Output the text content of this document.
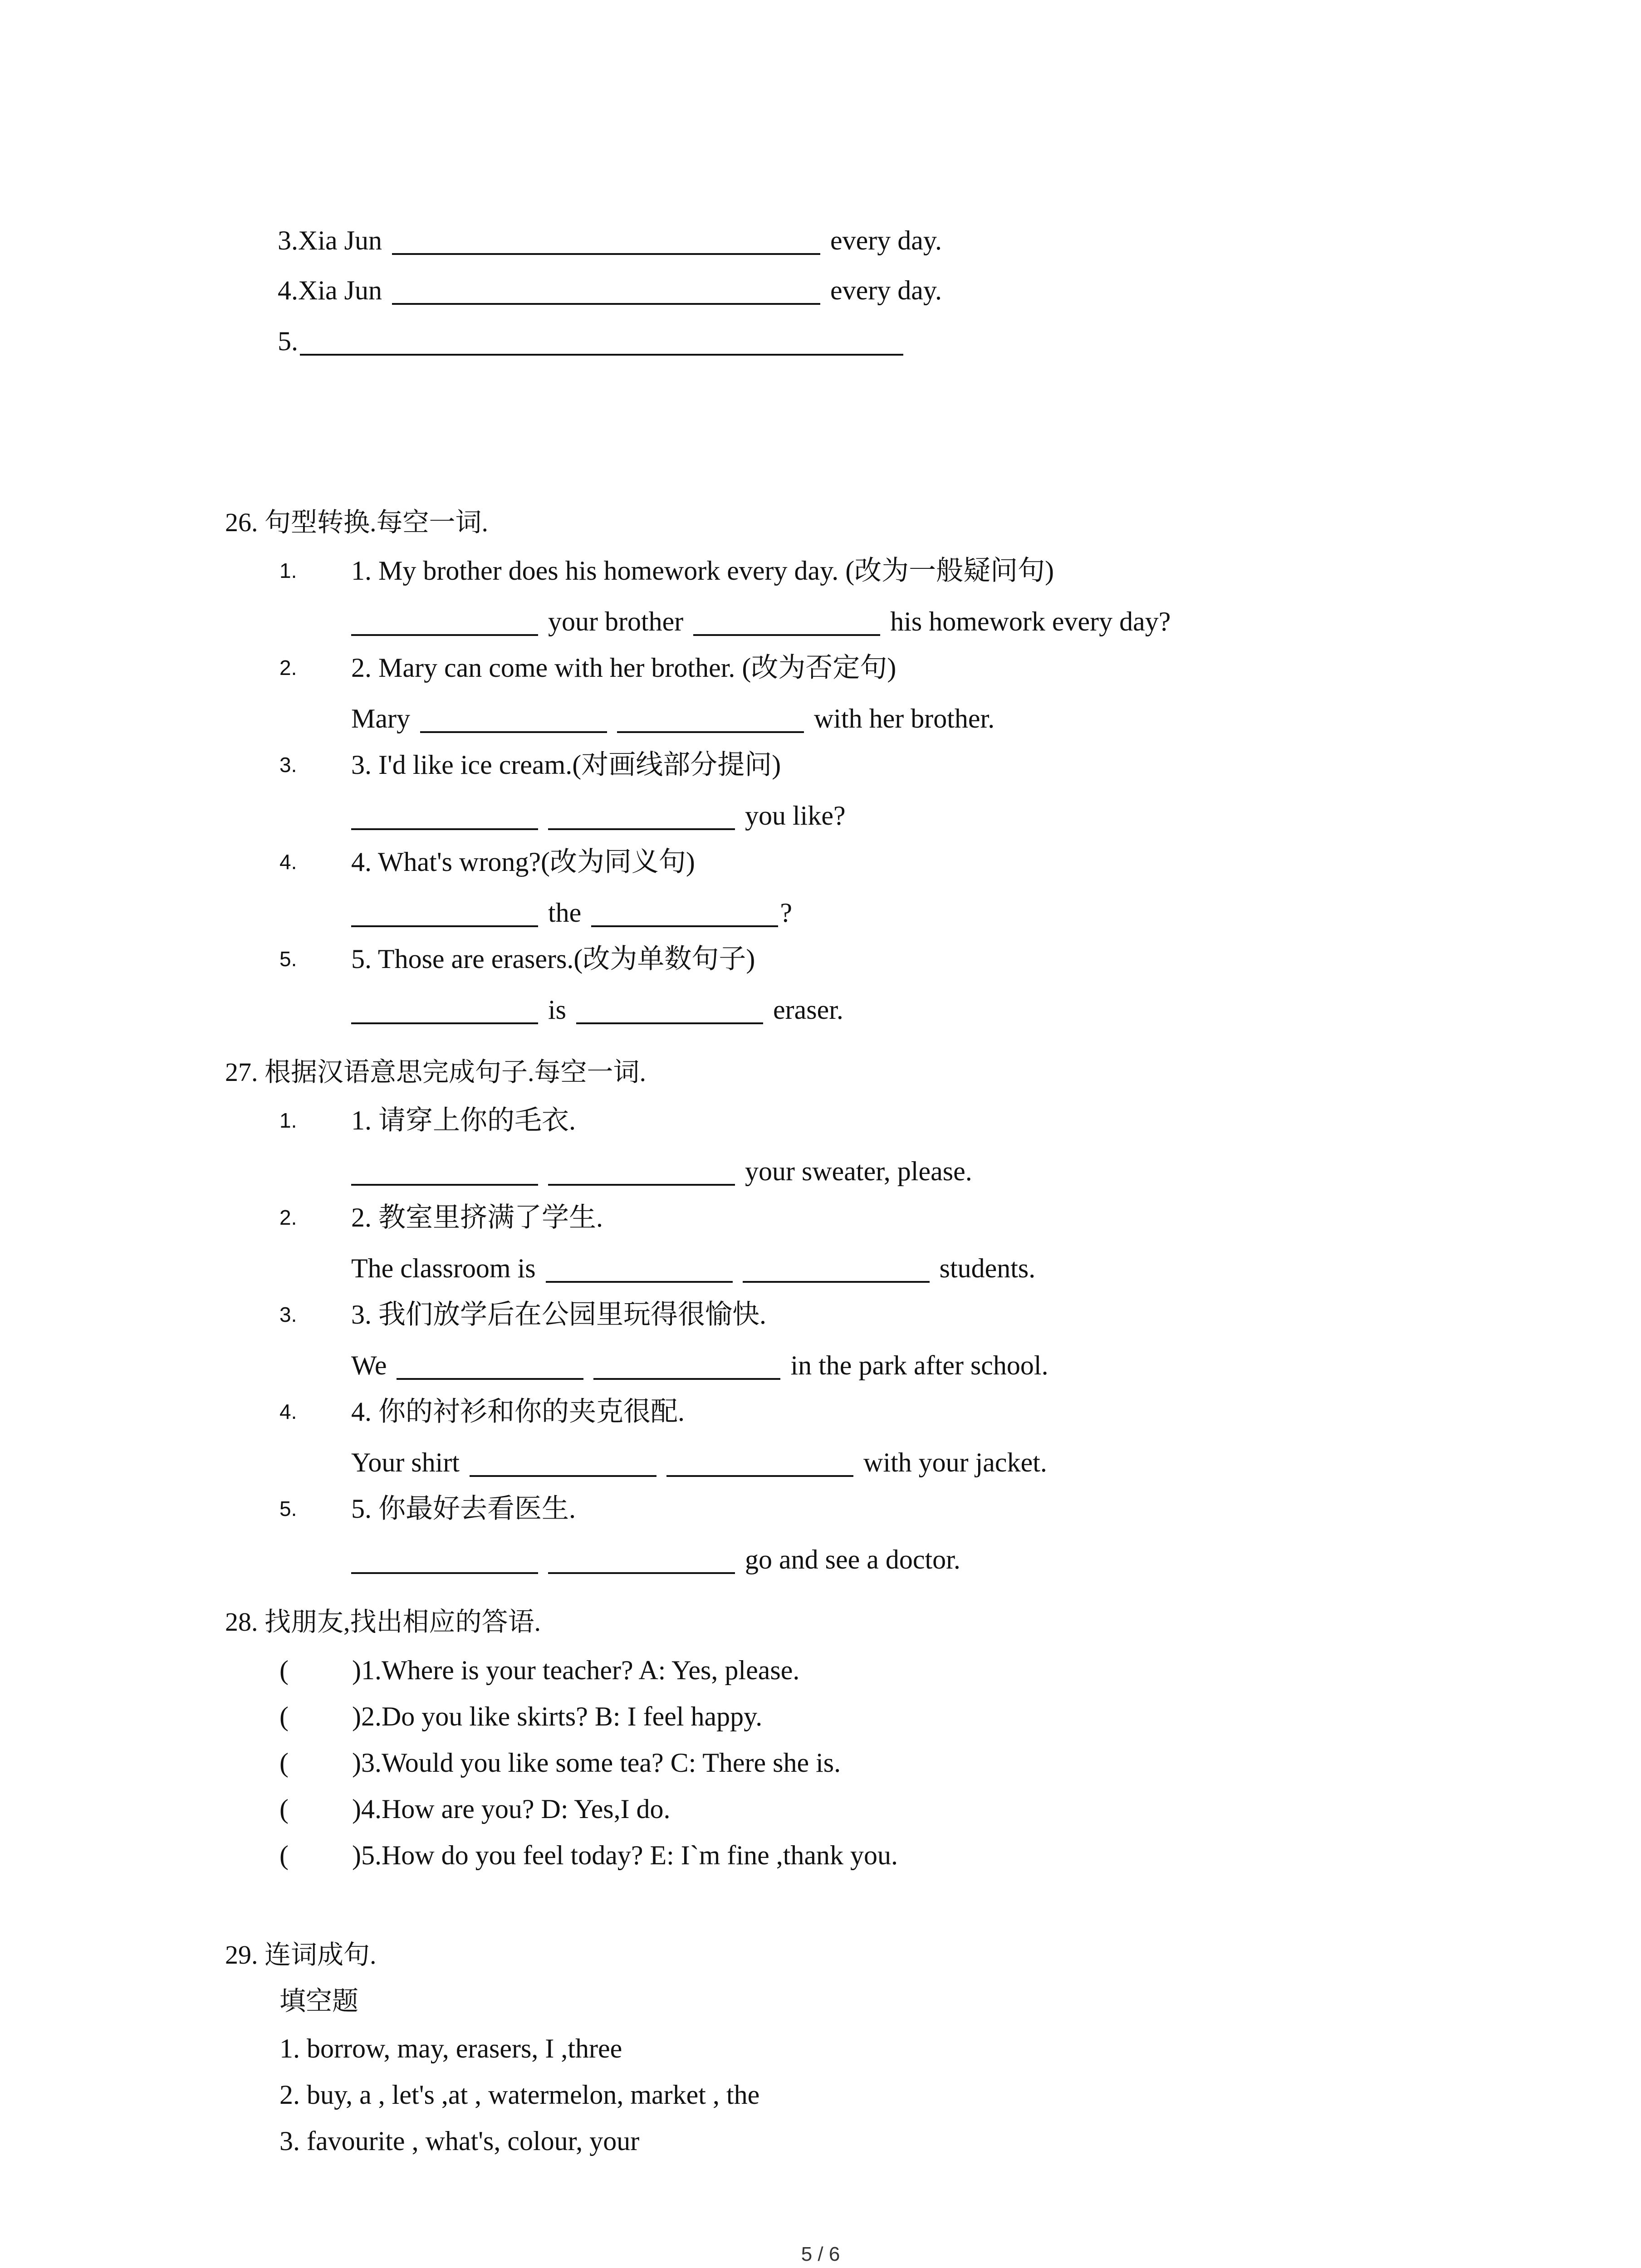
3.Xia Jun	every day.
4.Xia Jun	every day.
5.
26. 句型转换.每空一词.
1. 1. My brother does his homework every day. (改为一般疑问句)
your brother	his homework every day?
2. 2. Mary can come with her brother. (改为否定句)
Mary	with her brother.
3. 3. I'd like ice cream.(对画线部分提问)
you like?
4. 4. What's wrong?(改为同义句)
the	?
5. 5. Those are erasers.(改为单数句子)
is	eraser.
27. 根据汉语意思完成句子.每空一词.
1. 1. 请穿上你的毛衣.
your sweater, please.
2. 2. 教室里挤满了学生.
The classroom is	students.
3. 3. 我们放学后在公园里玩得很愉快.
We	in the park after school.
4. 4. 你的衬衫和你的夹克很配.
Your shirt	with your jacket.
5. 5. 你最好去看医生.
go and see a doctor.
28. 找朋友,找出相应的答语.
( )1.Where is your teacher? A: Yes, please.
( )2.Do you like skirts? B: I feel happy.
( )3.Would you like some tea? C: There she is.
( )4.How are you? D: Yes,I do.
( )5.How do you feel today? E: I`m fine ,thank you.
29. 连词成句.
填空题
1. borrow, may, erasers, I ,three
2. buy, a , let's ,at , watermelon, market , the
3. favourite , what's, colour, your
5 / 6
